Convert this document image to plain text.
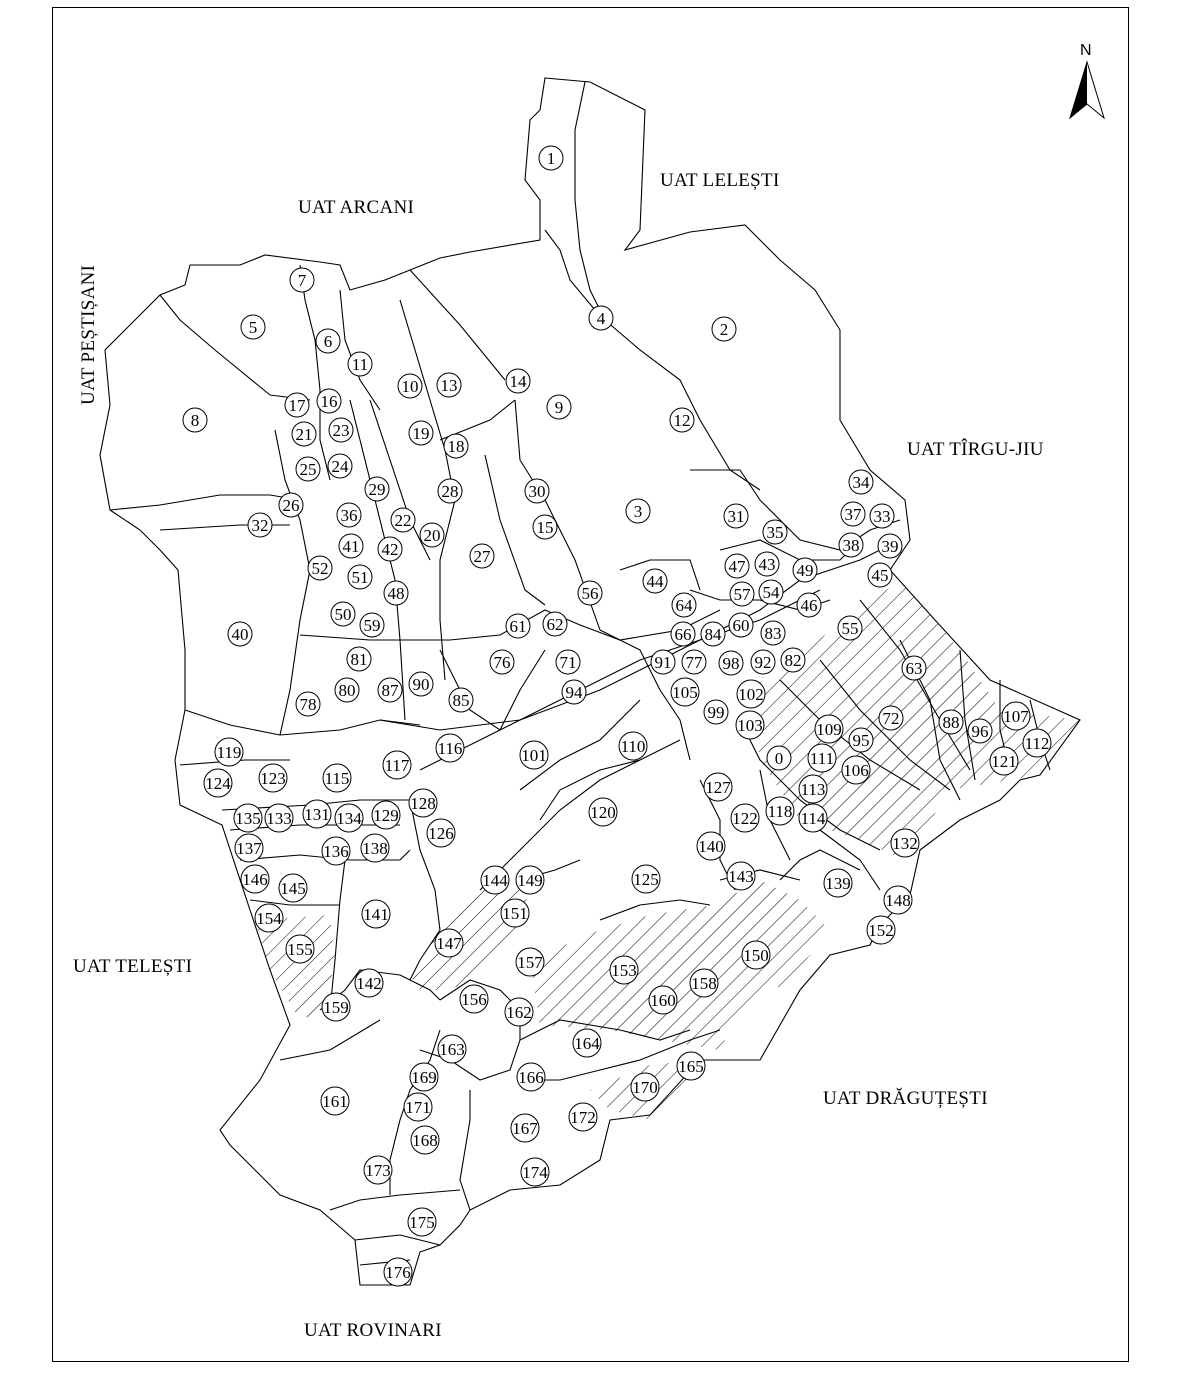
1
2
3
4
5
6
7
8
9
10
11
12
13	14
15
16
17
18
19
20
21
22
23
24
25
26
27
28
29	30
31
32	33
34
35
36	37
38 39
40
41 42
43
44	45
46
47
48
49
50
51
52
54
55
56	57
59	60
61 62
63
64
66
71
72
76	77
78
80
81	82
83
84
85
87
88
90
91	92
94
95	96
98
99
101
102
103
105
106
107
109
110
111
112
113
114
115
116
117
118
119
120
121
122
123
124
125
126
127
128
129
131
132
133	134
135
136
137	138
139
140
141
142
143
144
145
146
147
148
149
150
151
152
153
154
155
156
157
158
159	160
161
162
163	164
165
166
167
168
169
170
171
172
173	174
175
176
0
UAT LELEȘTI
UAT ARCANI
UAT PEȘTIȘANI
UAT TÎRGU-JIU
UAT TELEȘTI
UAT DRĂGUȚEȘTI
UAT ROVINARI
N
